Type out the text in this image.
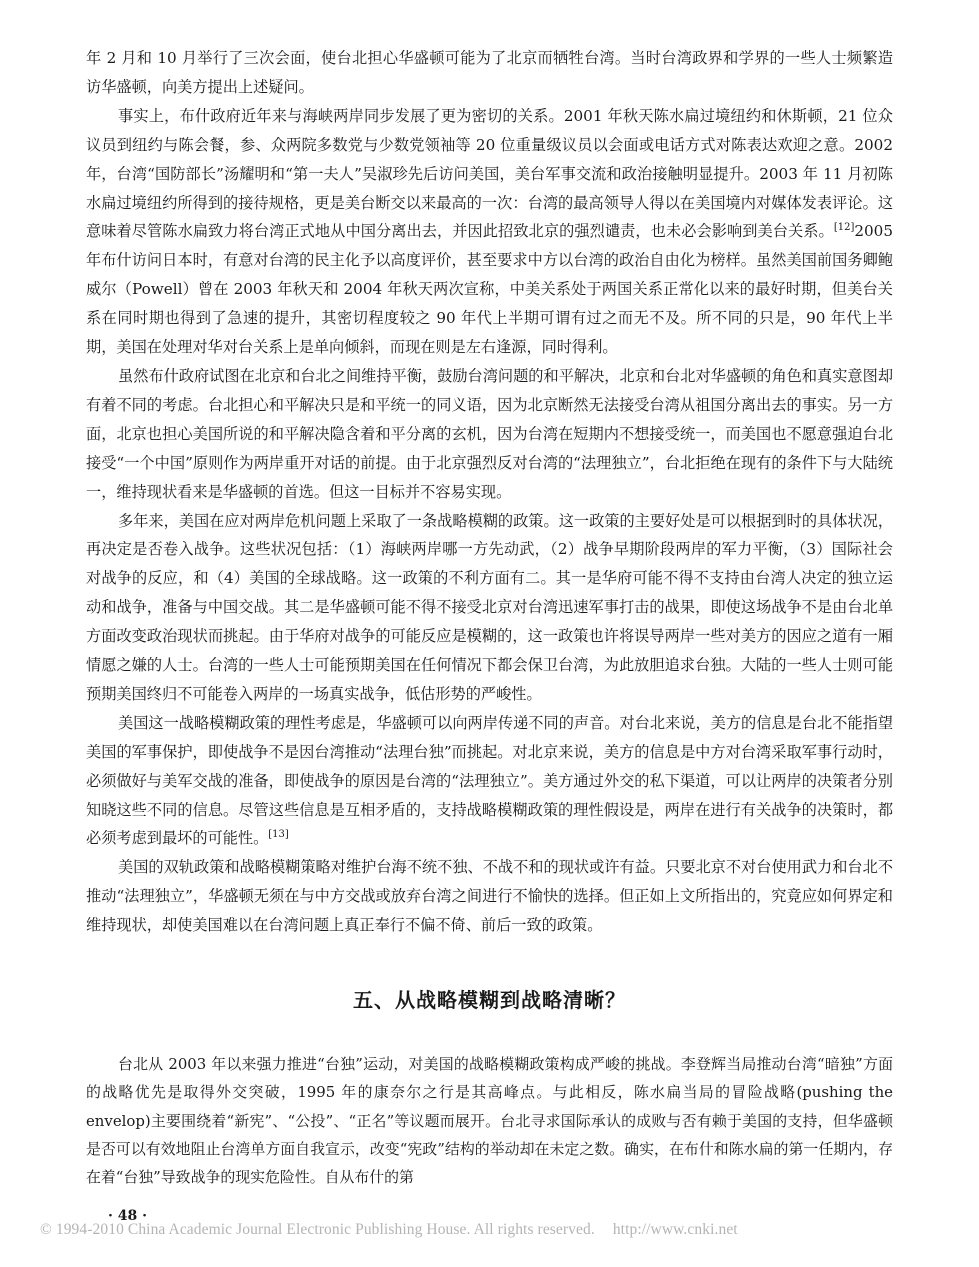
年 2 月和 10 月举行了三次会面，使台北担心华盛顿可能为了北京而牺牲台湾。当时台湾政界和学界的一些人士频繁造访华盛顿，向美方提出上述疑问。

事实上，布什政府近年来与海峡两岸同步发展了更为密切的关系。2001 年秋天陈水扁过境纽约和休斯顿，21 位众议员到纽约与陈会餐，参、众两院多数党与少数党领袖等 20 位重量级议员以会面或电话方式对陈表达欢迎之意。2002 年，台湾“国防部长”汤耀明和“第一夫人”吴淑珍先后访问美国，美台军事交流和政治接触明显提升。2003 年 11 月初陈水扁过境纽约所得到的接待规格，更是美台断交以来最高的一次：台湾的最高领导人得以在美国境内对媒体发表评论。这意味着尽管陈水扁致力将台湾正式地从中国分离出去，并因此招致北京的强烈谴责，也未必会影响到美台关系。[12]2005 年布什访问日本时，有意对台湾的民主化予以高度评价，甚至要求中方以台湾的政治自由化为榜样。虽然美国前国务卿鲍威尔（Powell）曾在 2003 年秋天和 2004 年秋天两次宣称，中美关系处于两国关系正常化以来的最好时期，但美台关系在同时期也得到了急速的提升，其密切程度较之 90 年代上半期可谓有过之而无不及。所不同的只是，90 年代上半期，美国在处理对华对台关系上是单向倾斜，而现在则是左右逢源，同时得利。

虽然布什政府试图在北京和台北之间维持平衡，鼓励台湾问题的和平解决，北京和台北对华盛顿的角色和真实意图却有着不同的考虑。台北担心和平解决只是和平统一的同义语，因为北京断然无法接受台湾从祖国分离出去的事实。另一方面，北京也担心美国所说的和平解决隐含着和平分离的玄机，因为台湾在短期内不想接受统一，而美国也不愿意强迫台北接受“一个中国”原则作为两岸重开对话的前提。由于北京强烈反对台湾的“法理独立”，台北拒绝在现有的条件下与大陆统一，维持现状看来是华盛顿的首选。但这一目标并不容易实现。

多年来，美国在应对两岸危机问题上采取了一条战略模糊的政策。这一政策的主要好处是可以根据到时的具体状况，再决定是否卷入战争。这些状况包括：（1）海峡两岸哪一方先动武，（2）战争早期阶段两岸的军力平衡，（3）国际社会对战争的反应，和（4）美国的全球战略。这一政策的不利方面有二。其一是华府可能不得不支持由台湾人决定的独立运动和战争，准备与中国交战。其二是华盛顿可能不得不接受北京对台湾迅速军事打击的战果，即使这场战争不是由台北单方面改变政治现状而挑起。由于华府对战争的可能反应是模糊的，这一政策也许将误导两岸一些对美方的因应之道有一厢情愿之嫌的人士。台湾的一些人士可能预期美国在任何情况下都会保卫台湾，为此放胆追求台独。大陆的一些人士则可能预期美国终归不可能卷入两岸的一场真实战争，低估形势的严峻性。

美国这一战略模糊政策的理性考虑是，华盛顿可以向两岸传递不同的声音。对台北来说，美方的信息是台北不能指望美国的军事保护，即使战争不是因台湾推动“法理台独”而挑起。对北京来说，美方的信息是中方对台湾采取军事行动时，必须做好与美军交战的准备，即使战争的原因是台湾的“法理独立”。美方通过外交的私下渠道，可以让两岸的决策者分别知晓这些不同的信息。尽管这些信息是互相矛盾的，支持战略模糊政策的理性假设是，两岸在进行有关战争的决策时，都必须考虑到最坏的可能性。[13]

美国的双轨政策和战略模糊策略对维护台海不统不独、不战不和的现状或许有益。只要北京不对台使用武力和台北不推动“法理独立”，华盛顿无须在与中方交战或放弃台湾之间进行不愉快的选择。但正如上文所指出的，究竟应如何界定和维持现状，却使美国难以在台湾问题上真正奉行不偏不倚、前后一致的政策。

五、从战略模糊到战略清晰？

台北从 2003 年以来强力推进“台独”运动，对美国的战略模糊政策构成严峻的挑战。李登辉当局推动台湾“暗独”方面的战略优先是取得外交突破，1995 年的康奈尔之行是其高峰点。与此相反，陈水扁当局的冒险战略(pushing the envelop)主要围绕着“新宪”、“公投”、“正名”等议题而展开。台北寻求国际承认的成败与否有赖于美国的支持，但华盛顿是否可以有效地阻止台湾单方面自我宣示，改变“宪政”结构的举动却在未定之数。确实，在布什和陈水扁的第一任期内，存在着“台独”导致战争的现实危险性。自从布什的第

· 48 ·
© 1994-2010 China Academic Journal Electronic Publishing House. All rights reserved. http://www.cnki.net
